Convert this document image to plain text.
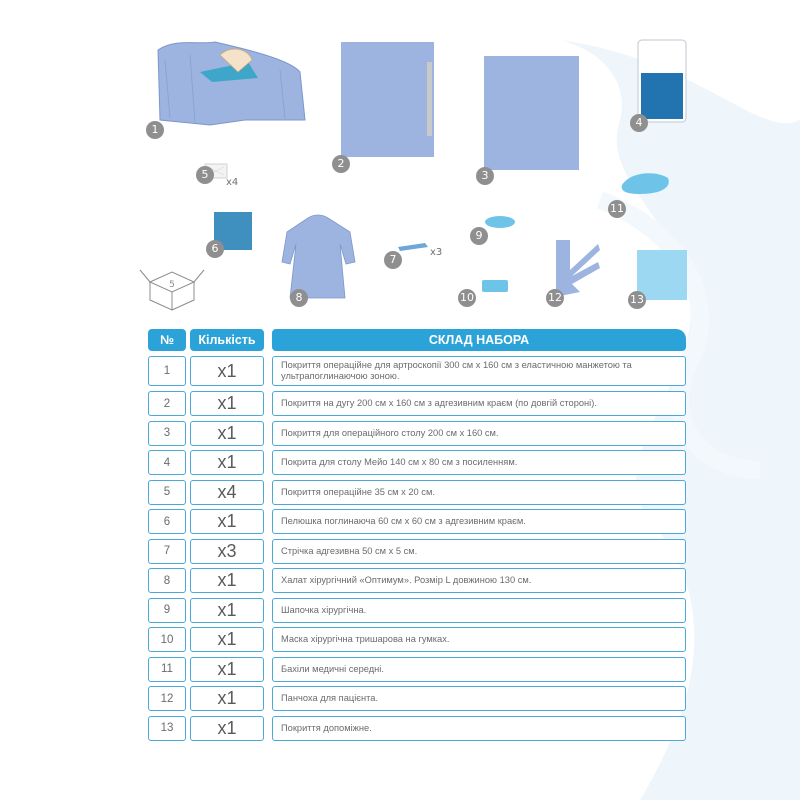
5
1
2
3
4
5
x4
6
7
x3
8
9
10
11
12	13
№	Кількість	СКЛАД НАБОРА
1	x1	Покриття операційне для артроскопії 300 см x 160 см з еластичною манжетою та ультрапоглинаючою зоною.
2	x1	Покриття на дугу 200 см x 160 см з адгезивним краєм (по довгій стороні).
3	x1	Покриття для операційного столу 200 см x 160 см.
4	x1	Покрита для столу Мейо 140 см x 80 см з посиленням.
5	x4	Покриття операційне 35 см x 20 см.
6	x1	Пелюшка поглинаюча 60 см x 60 см з адгезивним краєм.
7	x3	Стрічка адгезивна 50 см x 5 см.
8	x1	Халат хірургічний «Оптимум». Розмір L довжиною 130 см.
9	x1	Шапочка хірургічна.
10	x1	Маска хірургічна тришарова на гумках.
11	x1	Бахіли медичні середні.
12	x1	Панчоха для пацієнта.
13	x1	Покриття допоміжне.
